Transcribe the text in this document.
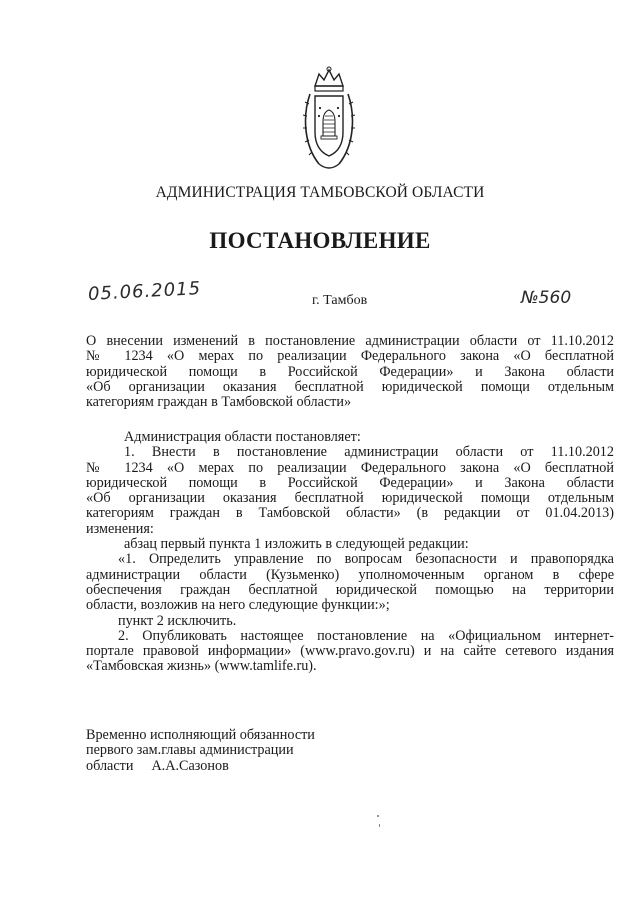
АДМИНИСТРАЦИЯ ТАМБОВСКОЙ ОБЛАСТИ
ПОСТАНОВЛЕНИЕ
05.06.2015	г. Тамбов	№560
О внесении изменений в постановление администрации области от 11.10.2012
№ 1234 «О мерах по реализации Федерального закона «О бесплатной
юридической помощи в Российской Федерации» и Закона области
«Об организации оказания бесплатной юридической помощи отдельным
категориям граждан в Тамбовской области»
Администрация области постановляет:
1. Внести в постановление администрации области от 11.10.2012
№ 1234 «О мерах по реализации Федерального закона «О бесплатной
юридической помощи в Российской Федерации» и Закона области
«Об организации оказания бесплатной юридической помощи отдельным
категориям граждан в Тамбовской области» (в редакции от 01.04.2013)
изменения:
абзац первый пункта 1 изложить в следующей редакции:
«1. Определить управление по вопросам безопасности и правопорядка
администрации области (Кузьменко) уполномоченным органом в сфере
обеспечения граждан бесплатной юридической помощью на территории
области, возложив на него следующие функции:»;
пункт 2 исключить.
2. Опубликовать настоящее постановление на «Официальном интернет-
портале правовой информации» (www.pravo.gov.ru) и на сайте сетевого издания
«Тамбовская жизнь» (www.tamlife.ru).
Временно исполняющий обязанности
первого зам.главы администрации
области А.А.Сазонов
